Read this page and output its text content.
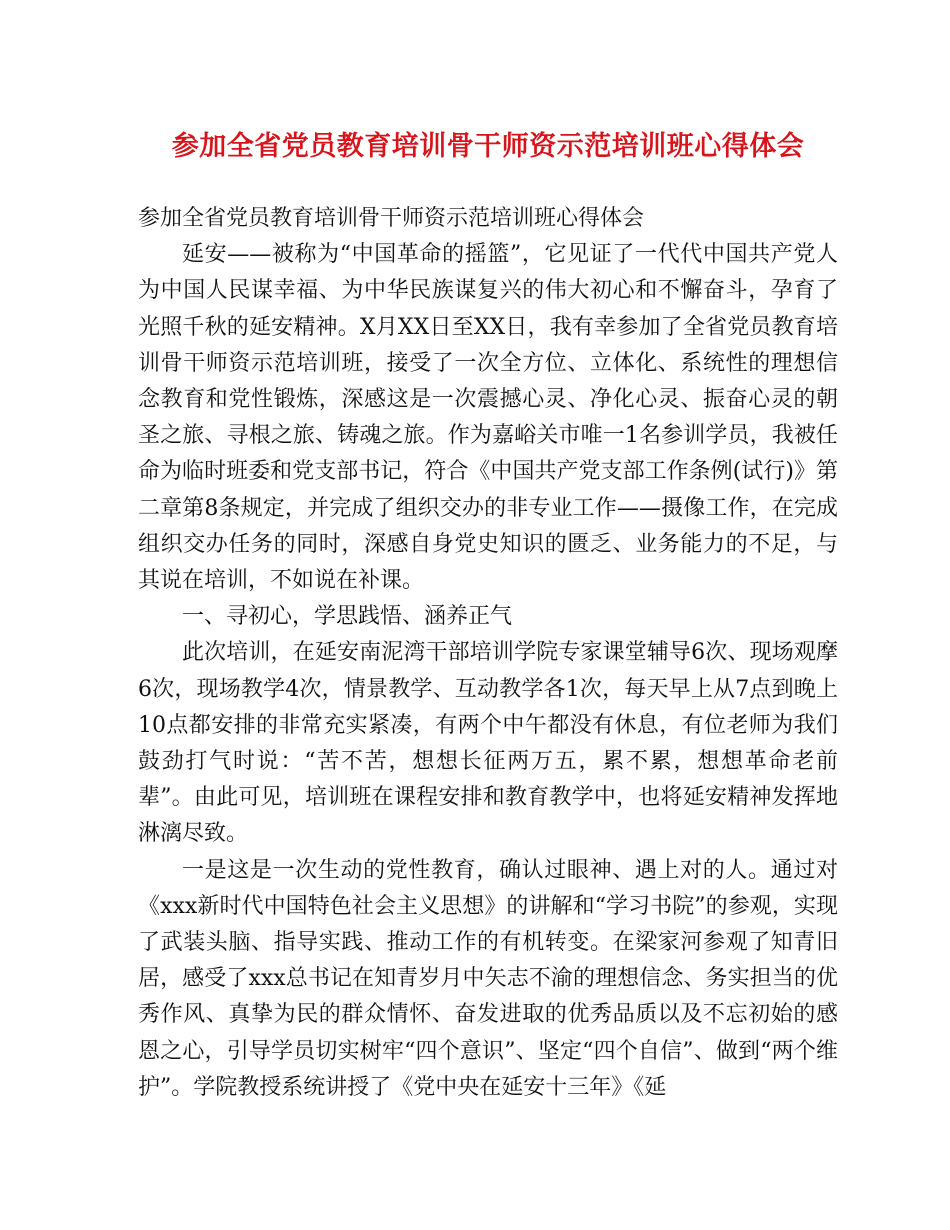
参加全省党员教育培训骨干师资示范培训班心得体会

参加全省党员教育培训骨干师资示范培训班心得体会

延安——被称为“中国革命的摇篮”，它见证了一代代中国共产党人为中国人民谋幸福、为中华民族谋复兴的伟大初心和不懈奋斗，孕育了光照千秋的延安精神。X月XX日至XX日，我有幸参加了全省党员教育培训骨干师资示范培训班，接受了一次全方位、立体化、系统性的理想信念教育和党性锻炼，深感这是一次震撼心灵、净化心灵、振奋心灵的朝圣之旅、寻根之旅、铸魂之旅。作为嘉峪关市唯一1名参训学员，我被任命为临时班委和党支部书记，符合《中国共产党支部工作条例(试行)》第二章第8条规定，并完成了组织交办的非专业工作——摄像工作，在完成组织交办任务的同时，深感自身党史知识的匮乏、业务能力的不足，与其说在培训，不如说在补课。

一、寻初心，学思践悟、涵养正气

此次培训，在延安南泥湾干部培训学院专家课堂辅导6次、现场观摩6次，现场教学4次，情景教学、互动教学各1次，每天早上从7点到晚上10点都安排的非常充实紧凑，有两个中午都没有休息，有位老师为我们鼓劲打气时说：“苦不苦，想想长征两万五，累不累，想想革命老前辈”。由此可见，培训班在课程安排和教育教学中，也将延安精神发挥地淋漓尽致。

一是这是一次生动的党性教育，确认过眼神、遇上对的人。通过对《xxx新时代中国特色社会主义思想》的讲解和“学习书院”的参观，实现了武装头脑、指导实践、推动工作的有机转变。在梁家河参观了知青旧居，感受了xxx总书记在知青岁月中矢志不渝的理想信念、务实担当的优秀作风、真挚为民的群众情怀、奋发进取的优秀品质以及不忘初始的感恩之心，引导学员切实树牢“四个意识”、坚定“四个自信”、做到“两个维护”。学院教授系统讲授了《党中央在延安十三年》《延
